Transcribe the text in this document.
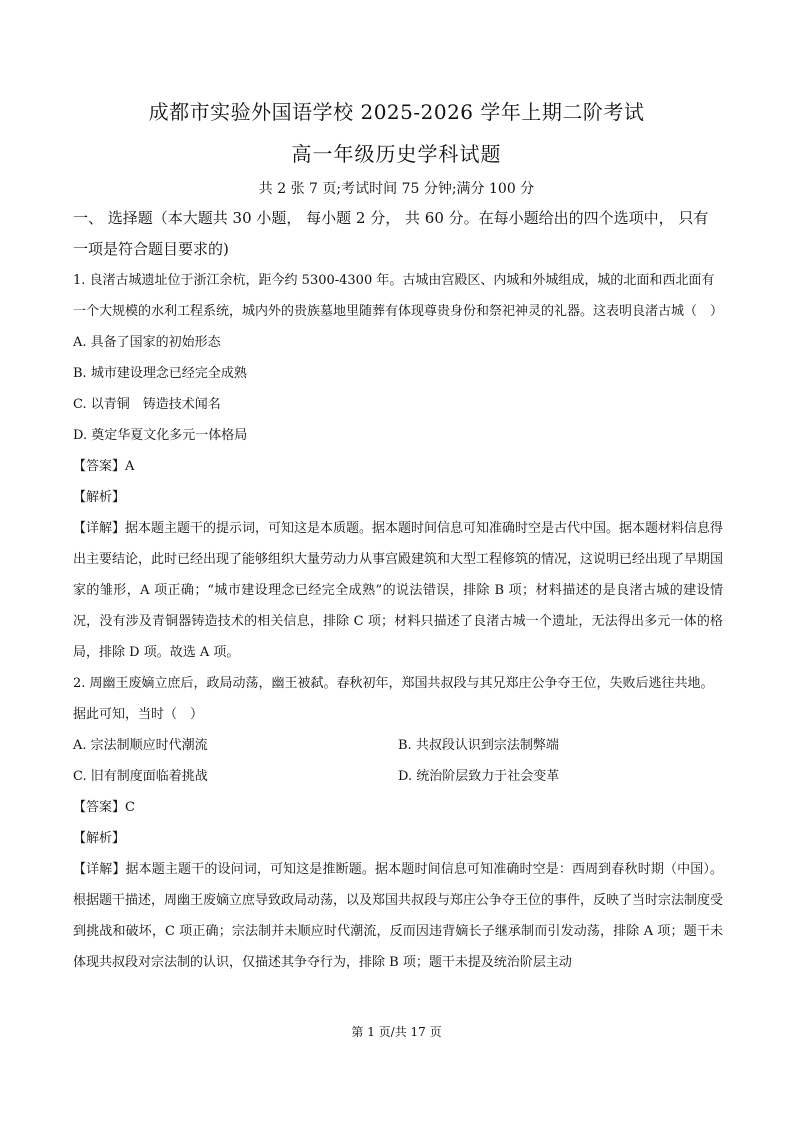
成都市实验外国语学校 2025-2026 学年上期二阶考试
高一年级历史学科试题
共 2 张 7 页;考试时间 75 分钟;满分 100 分

一、 选择题（本大题共 30 小题， 每小题 2 分， 共 60 分。在每小题给出的四个选项中， 只有一项是符合题目要求的)

1. 良渚古城遗址位于浙江余杭，距今约 5300-4300 年。古城由宫殿区、内城和外城组成，城的北面和西北面有一个大规模的水利工程系统，城内外的贵族墓地里随葬有体现尊贵身份和祭祀神灵的礼器。这表明良渚古城（　）

A. 具备了国家的初始形态

B. 城市建设理念已经完全成熟

C. 以青铜　铸造技术闻名

D. 奠定华夏文化多元一体格局

【答案】A

【解析】

【详解】据本题主题干的提示词，可知这是本质题。据本题时间信息可知准确时空是古代中国。据本题材料信息得出主要结论，此时已经出现了能够组织大量劳动力从事宫殿建筑和大型工程修筑的情况，这说明已经出现了早期国家的雏形，A 项正确；“城市建设理念已经完全成熟”的说法错误，排除 B 项；材料描述的是良渚古城的建设情况，没有涉及青铜器铸造技术的相关信息，排除 C 项；材料只描述了良渚古城一个遗址，无法得出多元一体的格局，排除 D 项。故选 A 项。

2. 周幽王废嫡立庶后，政局动荡，幽王被弑。春秋初年，郑国共叔段与其兄郑庄公争夺王位，失败后逃往共地。据此可知，当时（　）

A. 宗法制顺应时代潮流	B. 共叔段认识到宗法制弊端

C. 旧有制度面临着挑战	D. 统治阶层致力于社会变革

【答案】C

【解析】

【详解】据本题主题干的设问词，可知这是推断题。据本题时间信息可知准确时空是：西周到春秋时期（中国）。根据题干描述，周幽王废嫡立庶导致政局动荡，以及郑国共叔段与郑庄公争夺王位的事件，反映了当时宗法制度受到挑战和破坏，C 项正确；宗法制并未顺应时代潮流，反而因违背嫡长子继承制而引发动荡，排除 A 项；题干未体现共叔段对宗法制的认识，仅描述其争夺行为，排除 B 项；题干未提及统治阶层主动

第 1 页/共 17 页
